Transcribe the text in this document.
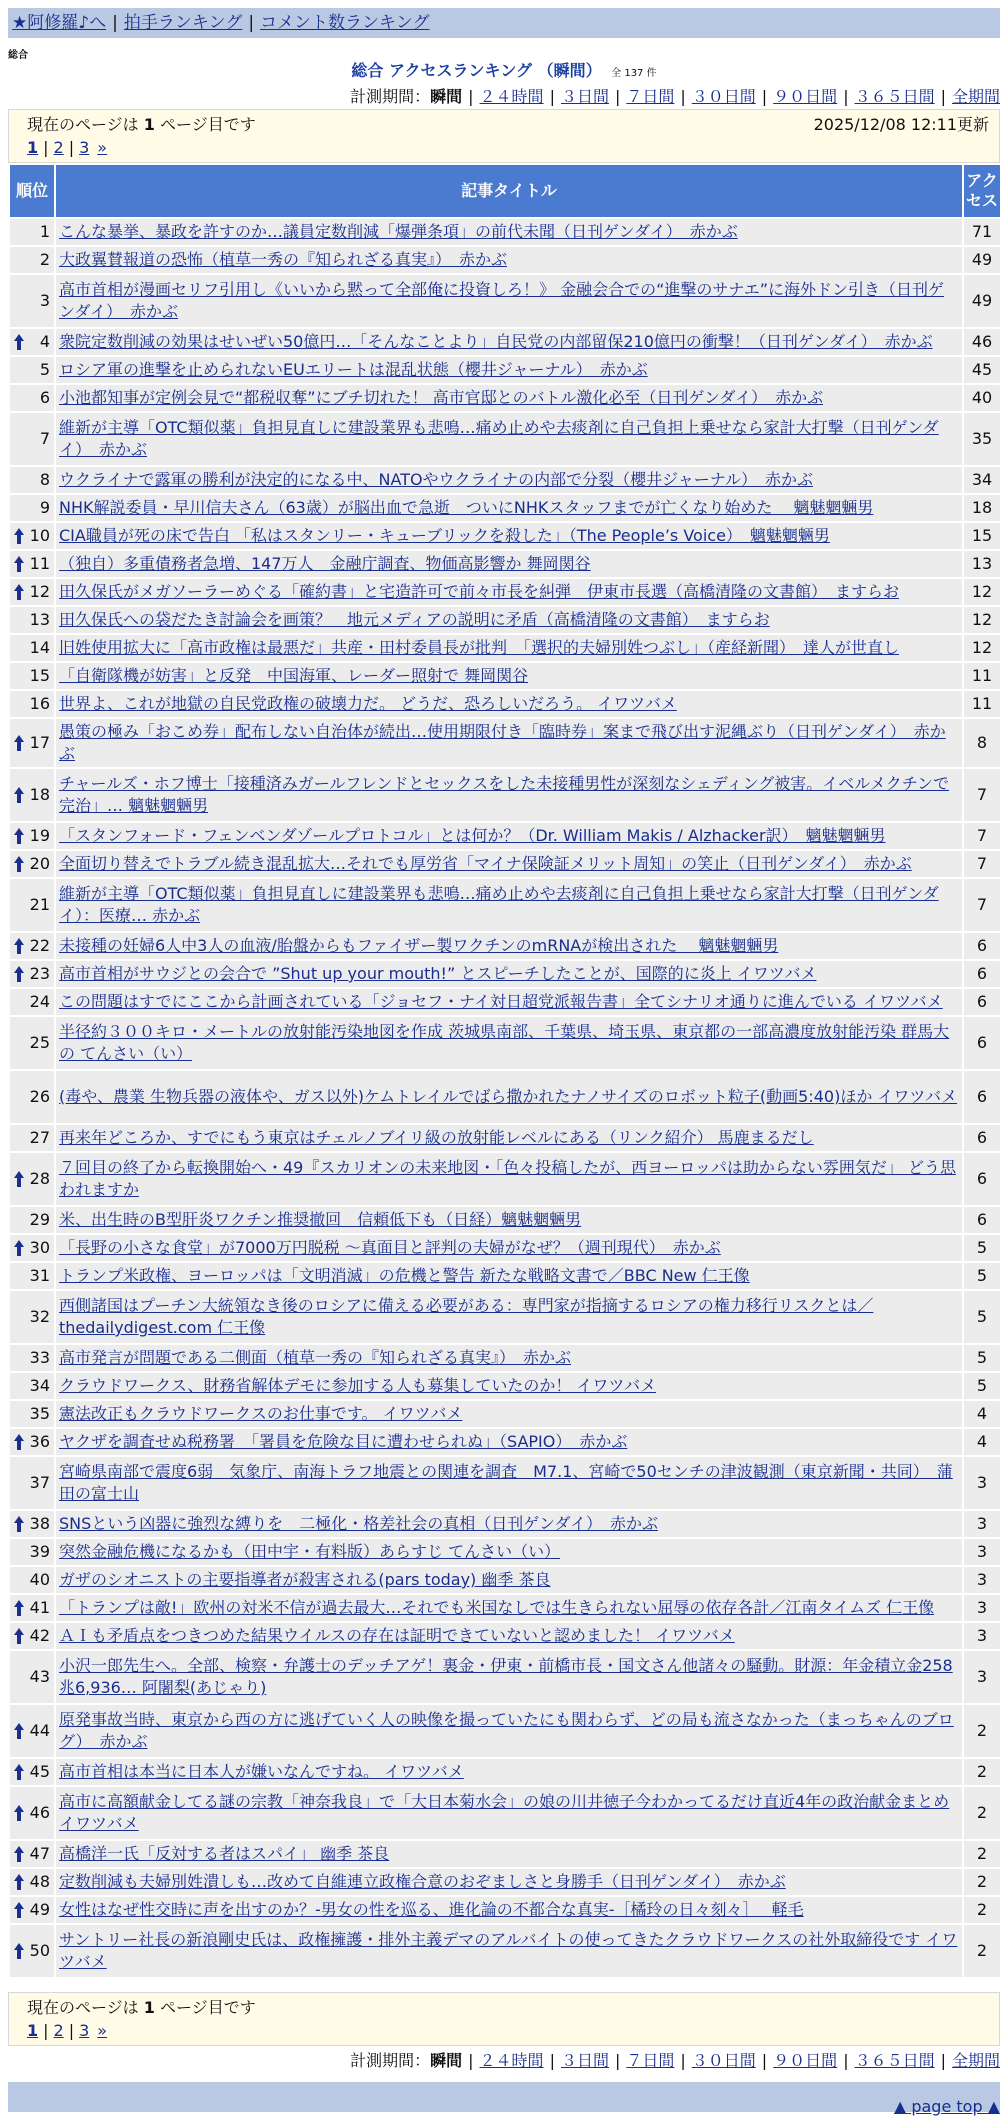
★阿修羅♪へ | 拍手ランキング | コメント数ランキング
総合
総合 アクセスランキング （瞬間） 全 137 件
計測期間：瞬間 | ２４時間 | ３日間 | ７日間 | ３０日間 | ９０日間 | ３６５日間 | 全期間
現在のページは 1 ページ目です	2025/12/08 12:11更新
1 | 2 | 3 »
順位	記事タイトル	アクセス
1	こんな暴挙、暴政を許すのか…議員定数削減「爆弾条項」の前代未聞（日刊ゲンダイ）　赤かぶ	71
2	大政翼賛報道の恐怖（植草一秀の『知られざる真実』）　赤かぶ	49
3	高市首相が漫画セリフ引用し《いいから黙って全部俺に投資しろ！》 金融会合での“進撃のサナエ”に海外ドン引き（日刊ゲンダイ）　赤かぶ	49

4	衆院定数削減の効果はせいぜい50億円…「そんなことより」自民党の内部留保210億円の衝撃！（日刊ゲンダイ）　赤かぶ	46
5	ロシア軍の進撃を止められないEUエリートは混乱状態（櫻井ジャーナル）　赤かぶ	45
6	小池都知事が定例会見で“都税収奪”にブチ切れた！ 高市官邸とのバトル激化必至（日刊ゲンダイ）　赤かぶ	40
7	維新が主導「OTC類似薬」負担見直しに建設業界も悲鳴…痛め止めや去痰剤に自己負担上乗せなら家計大打撃（日刊ゲンダイ）　赤かぶ	35
8	ウクライナで露軍の勝利が決定的になる中、NATOやウクライナの内部で分裂（櫻井ジャーナル）　赤かぶ	34
9	NHK解説委員・早川信夫さん（63歳）が脳出血で急逝　ついにNHKスタッフまでが亡くなり始めた　 魑魅魍魎男	18

10	CIA職員が死の床で告白 「私はスタンリー・キューブリックを殺した」（The People’s Voice）　魑魅魍魎男	15

11	（独自）多重債務者急増、147万人　金融庁調査、物価高影響か 舞岡関谷	13

12	田久保氏がメガソーラーめぐる「確約書」と宅造許可で前々市長を糾弾　伊東市長選（高橋清隆の文書館）　ますらお	12
13	田久保氏への袋だたき討論会を画策？　地元メディアの説明に矛盾（高橋清隆の文書館）　ますらお	12
14	旧姓使用拡大に「高市政権は最悪だ」共産・田村委員長が批判　「選択的夫婦別姓つぶし」（産経新聞）　達人が世直し	12
15	「自衛隊機が妨害」と反発　中国海軍、レーダー照射で 舞岡関谷	11
16	世界よ、これが地獄の自民党政権の破壊力だ。 どうだ、恐ろしいだろう。 イワツバメ	11

17	愚策の極み「おこめ券」配布しない自治体が続出…使用期限付き「臨時券」案まで飛び出す泥縄ぶり（日刊ゲンダイ）　赤かぶ	8

18	チャールズ・ホフ博士「接種済みガールフレンドとセックスをした未接種男性が深刻なシェディング被害。イベルメクチンで完治」… 魑魅魍魎男	7

19	「スタンフォード・フェンベンダゾールプロトコル」とは何か？（Dr. William Makis / Alzhacker訳）　魑魅魍魎男	7

20	全面切り替えでトラブル続き混乱拡大…それでも厚労省「マイナ保険証メリット周知」の笑止（日刊ゲンダイ）　赤かぶ	7
21	維新が主導「OTC類似薬」負担見直しに建設業界も悲鳴…痛め止めや去痰剤に自己負担上乗せなら家計大打撃（日刊ゲンダイ）：医療… 赤かぶ	7

22	未接種の妊婦6人中3人の血液/胎盤からもファイザー製ワクチンのmRNAが検出された　 魑魅魍魎男	6

23	高市首相がサウジとの会合で ”Shut up your mouth!” とスピーチしたことが、国際的に炎上 イワツバメ	6
24	この問題はすでにここから計画されている「ジョセフ・ナイ対日超党派報告書」全てシナリオ通りに進んでいる イワツバメ	6
25	半径約３００キロ・メートルの放射能汚染地図を作成 茨城県南部、千葉県、埼玉県、東京都の一部高濃度放射能汚染 群馬大の てんさい（い）	6
26	(毒や、農業 生物兵器の液体や、ガス以外)ケムトレイルでばら撒かれたナノサイズのロボット粒子(動画5:40)ほか イワツバメ	6
27	再来年どころか、すでにもう東京はチェルノブイリ級の放射能レベルにある（リンク紹介） 馬鹿まるだし	6

28	７回目の終了から転換開始へ・49『スカリオンの未来地図・「色々投稿したが、西ヨーロッパは助からない雰囲気だ」 どう思われますか	6
29	米、出生時のB型肝炎ワクチン推奨撤回　信頼低下も（日経）魑魅魍魎男	6

30	「長野の小さな食堂」が7000万円脱税 ～真面目と評判の夫婦がなぜ？（週刊現代）　赤かぶ	5
31	トランプ米政権、ヨーロッパは「文明消滅」の危機と警告 新たな戦略文書で／BBC New 仁王像	5
32	西側諸国はプーチン大統領なき後のロシアに備える必要がある：専門家が指摘するロシアの権力移行リスクとは／thedailydigest.com 仁王像	5
33	高市発言が問題である二側面（植草一秀の『知られざる真実』）　赤かぶ	5
34	クラウドワークス、財務省解体デモに参加する人も募集していたのか！ イワツバメ	5
35	憲法改正もクラウドワークスのお仕事です。 イワツバメ	4

36	ヤクザを調査せぬ税務署　「署員を危険な目に遭わせられぬ」（SAPIO）　赤かぶ	4
37	宮崎県南部で震度6弱　気象庁、南海トラフ地震との関連を調査　M7.1、宮崎で50センチの津波観測（東京新聞・共同）　蒲田の富士山	3

38	SNSという凶器に強烈な縛りを　二極化・格差社会の真相（日刊ゲンダイ）　赤かぶ	3
39	突然金融危機になるかも（田中宇・有料版）あらすじ てんさい（い）	3
40	ガザのシオニストの主要指導者が殺害される(pars today) 幽季 茶良	3

41	「トランプは敵!」欧州の対米不信が過去最大…それでも米国なしでは生きられない屈辱の依存各計／江南タイムズ 仁王像	3

42	ＡＩも矛盾点をつきつめた結果ウイルスの存在は証明できていないと認めました！ イワツバメ	3
43	小沢一郎先生へ。全部、検察・弁護士のデッチアゲ！裏金・伊東・前橋市長・国文さん他諸々の騒動。財源：年金積立金258兆6,936… 阿闍梨(あじゃり)	3

44	原発事故当時、東京から西の方に逃げていく人の映像を撮っていたにも関わらず、どの局も流さなかった（まっちゃんのブログ）　赤かぶ	2

45	高市首相は本当に日本人が嫌いなんですね。 イワツバメ	2

46	高市に高額献金してる謎の宗教「神奈我良」で「大日本菊水会」の娘の川井徳子今わかってるだけ直近4年の政治献金まとめ イワツバメ	2

47	高橋洋一氏「反対する者はスパイ」 幽季 茶良	2

48	定数削減も夫婦別姓潰しも…改めて自維連立政権合意のおぞましさと身勝手（日刊ゲンダイ）　赤かぶ	2

49	女性はなぜ性交時に声を出すのか？-男女の性を巡る、進化論の不都合な真実-［橘玲の日々刻々］　 軽毛	2

50	サントリー社長の新浪剛史氏は、政権擁護・排外主義デマのアルバイトの使ってきたクラウドワークスの社外取締役です イワツバメ	2
現在のページは 1 ページ目です
1 | 2 | 3 »
計測期間：瞬間 | ２４時間 | ３日間 | ７日間 | ３０日間 | ９０日間 | ３６５日間 | 全期間
▲ page top ▲
